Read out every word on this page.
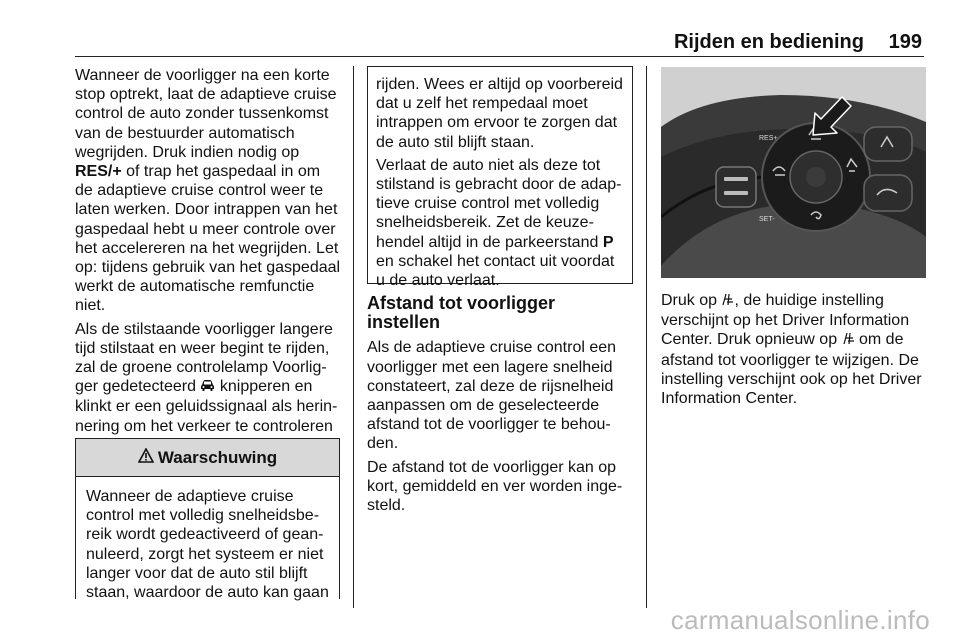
Rijden en bediening 199

Wanneer de voorligger na een korte stop optrekt, laat de adaptieve cruise control de auto zonder tussenkomst van de bestuurder automatisch wegrijden. Druk indien nodig op RES/+ of trap het gaspedaal in om de adaptieve cruise control weer te laten werken. Door intrappen van het gaspedaal hebt u meer controle over het accelereren na het wegrijden. Let op: tijdens gebruik van het gaspedaal werkt de automatische remfunctie niet.

Als de stilstaande voorligger langere tijd stilstaat en weer begint te rijden, zal de groene controlelamp Voorligger gedetecteerd  knipperen en klinkt er een geluidssignaal als herinnering om het verkeer te controleren

Waarschuwing
Wanneer de adaptieve cruise control met volledig snelheidsbereik wordt gedeactiveerd of geannuleerd, zorgt het systeem er niet langer voor dat de auto stil blijft staan, waardoor de auto kan gaan

rijden. Wees er altijd op voorbereid dat u zelf het rempedaal moet intrappen om ervoor te zorgen dat de auto stil blijft staan.

Verlaat de auto niet als deze tot stilstand is gebracht door de adaptieve cruise control met volledig snelheidsbereik. Zet de keuzehendel altijd in de parkeerstand P en schakel het contact uit voordat u de auto verlaat.

Afstand tot voorligger instellen

Als de adaptieve cruise control een voorligger met een lagere snelheid constateert, zal deze de rijsnelheid aanpassen om de geselecteerde afstand tot de voorligger te behouden.

De afstand tot de voorligger kan op kort, gemiddeld en ver worden ingesteld.

RES+
SET-

Druk op , de huidige instelling verschijnt op het Driver Information Center. Druk opnieuw op  om de afstand tot voorligger te wijzigen. De instelling verschijnt ook op het Driver Information Center.

carmanualsonline.info
